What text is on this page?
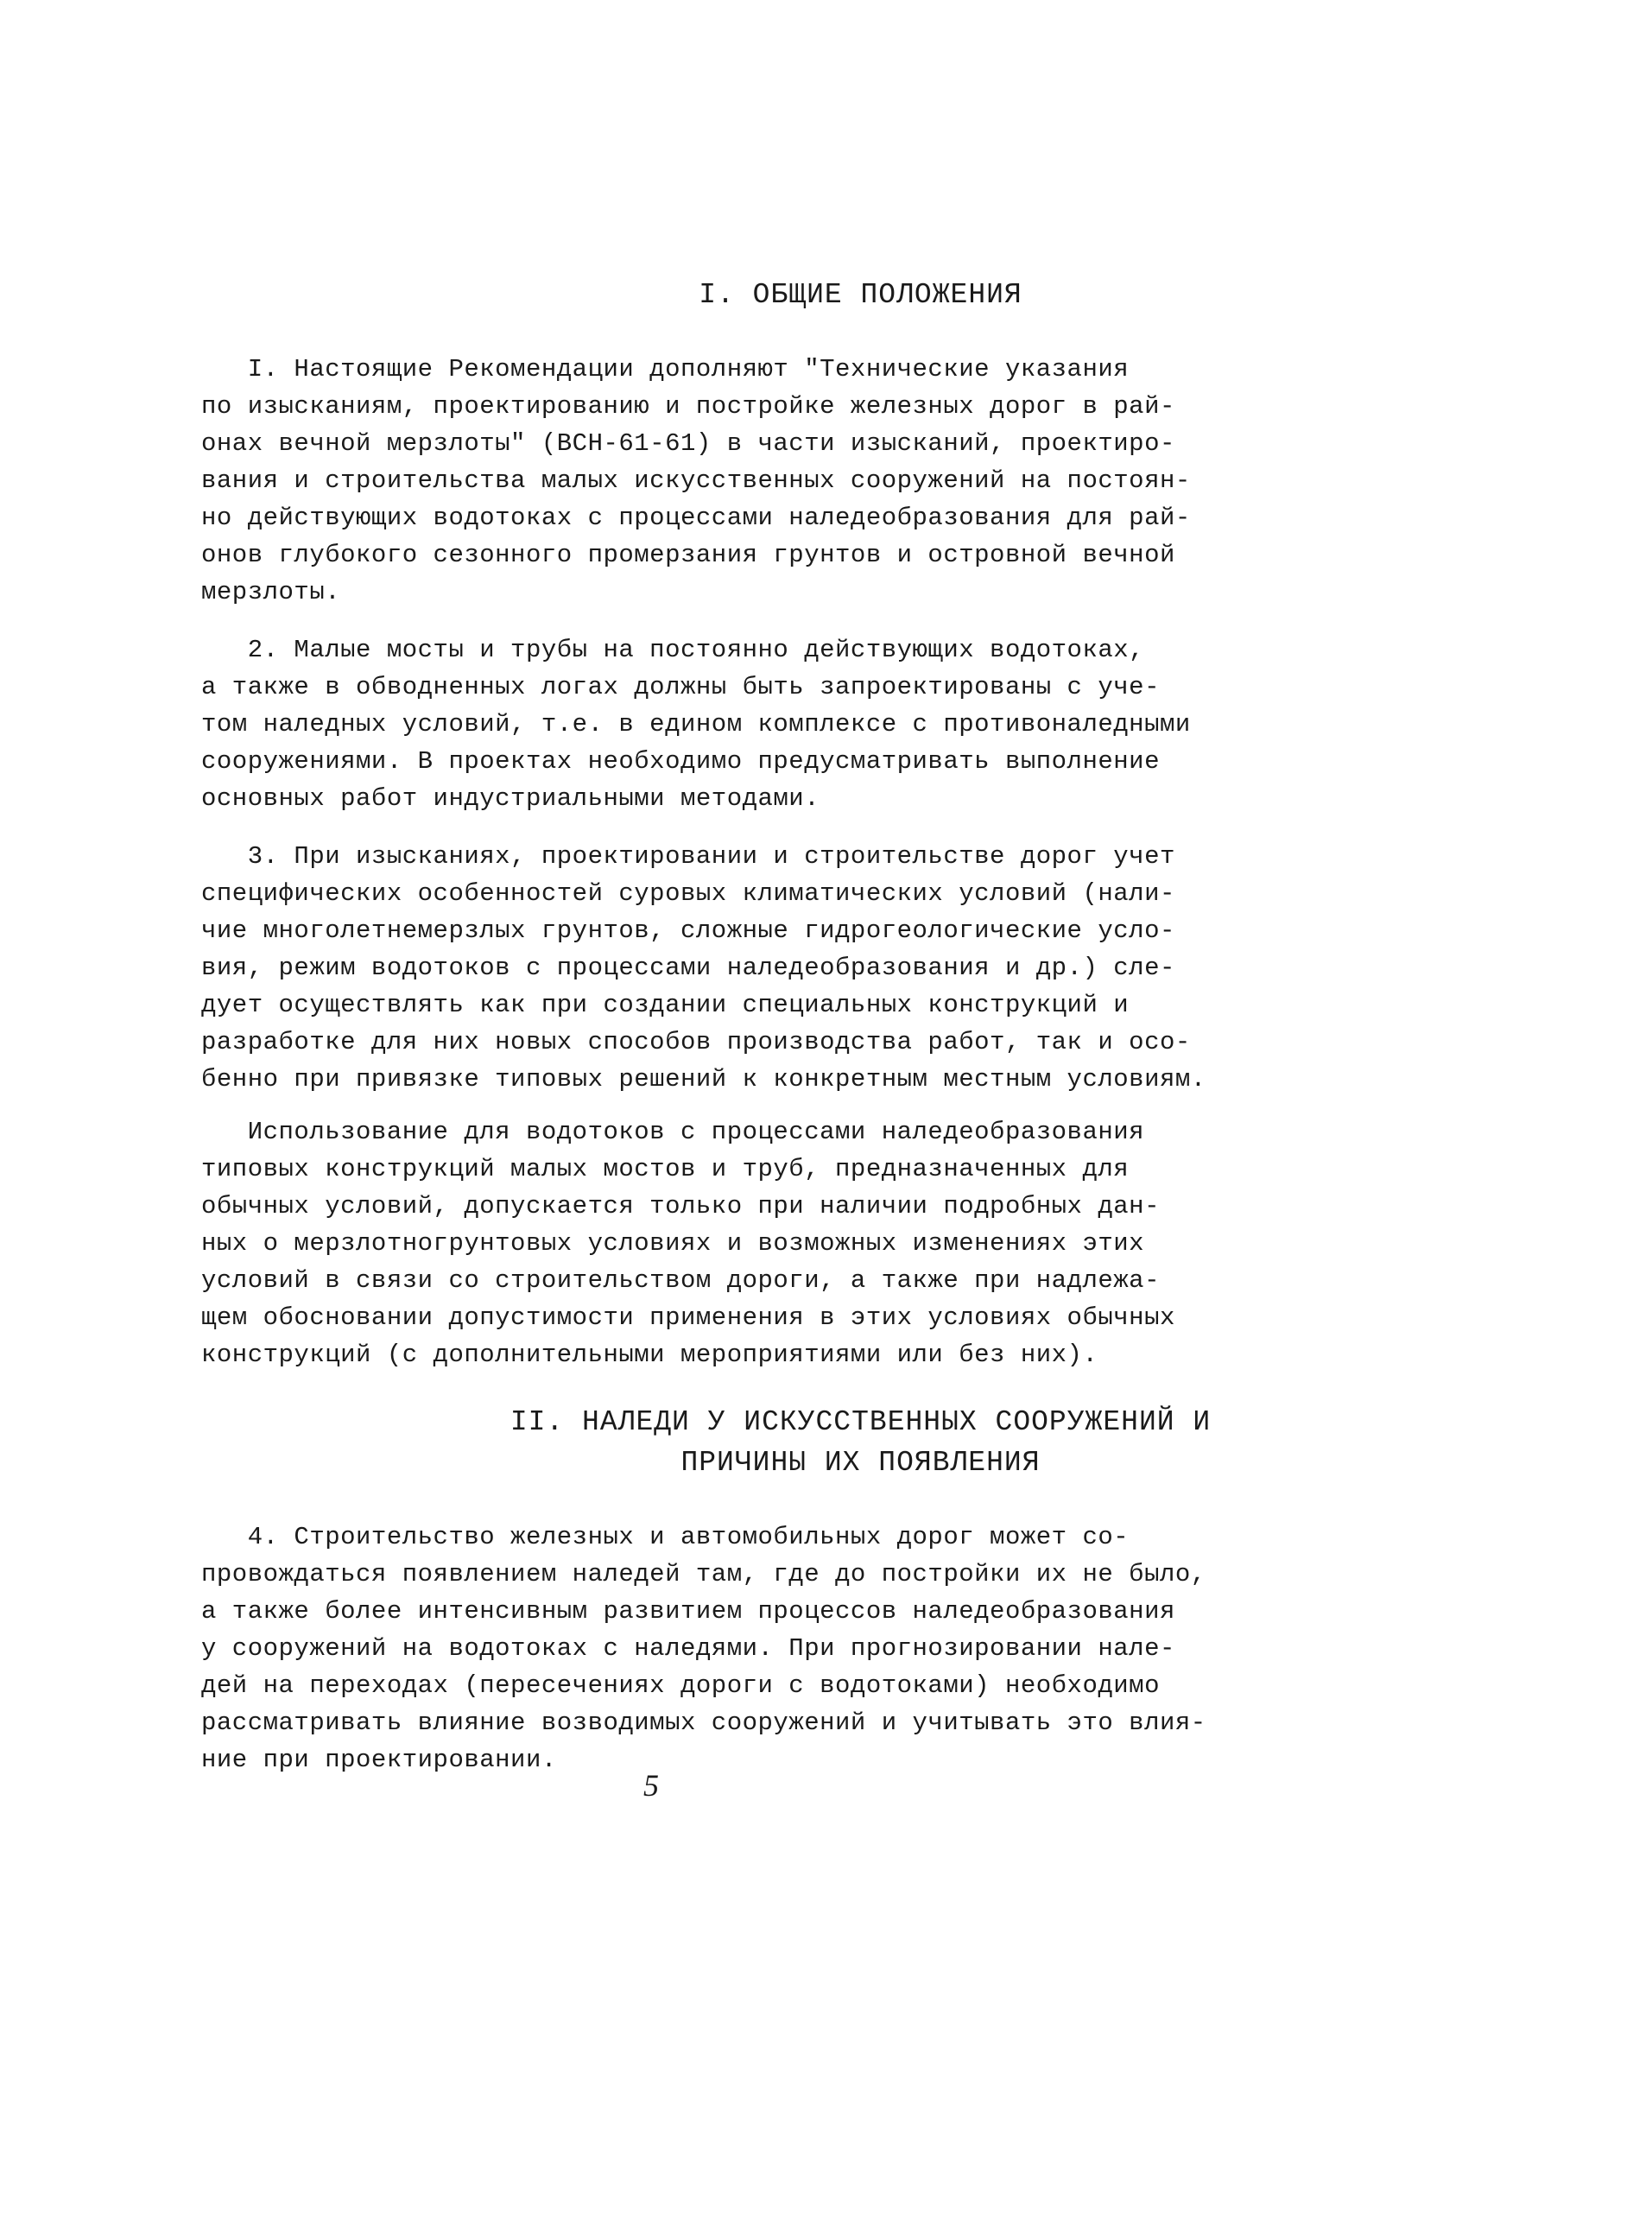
I. ОБЩИЕ ПОЛОЖЕНИЯ
I. Настоящие Рекомендации дополняют "Технические указания
по изысканиям, проектированию и постройке железных дорог в рай-
онах вечной мерзлоты" (ВСН-61-61) в части изысканий, проектиро-
вания и строительства малых искусственных сооружений на постоян-
но действующих водотоках с процессами наледеобразования для рай-
онов глубокого сезонного промерзания грунтов и островной вечной
мерзлоты.
2. Малые мосты и трубы на постоянно действующих водотоках,
а также в обводненных логах должны быть запроектированы с уче-
том наледных условий, т.е. в едином комплексе с противоналедными
сооружениями. В проектах необходимо предусматривать выполнение
основных работ индустриальными методами.
3. При изысканиях, проектировании и строительстве дорог учет
специфических особенностей суровых климатических условий (нали-
чие многолетнемерзлых грунтов, сложные гидрогеологические усло-
вия, режим водотоков с процессами наледеобразования и др.) сле-
дует осуществлять как при создании специальных конструкций и
разработке для них новых способов производства работ, так и осо-
бенно при привязке типовых решений к конкретным местным условиям.
Использование для водотоков с процессами наледеобразования
типовых конструкций малых мостов и труб, предназначенных для
обычных условий, допускается только при наличии подробных дан-
ных о мерзлотногрунтовых условиях и возможных изменениях этих
условий в связи со строительством дороги, а также при надлежа-
щем обосновании допустимости применения в этих условиях обычных
конструкций (с дополнительными мероприятиями или без них).
II. НАЛЕДИ У ИСКУССТВЕННЫХ СООРУЖЕНИЙ И
ПРИЧИНЫ ИХ ПОЯВЛЕНИЯ
4. Строительство железных и автомобильных дорог может со-
провождаться появлением наледей там, где до постройки их не было,
а также более интенсивным развитием процессов наледеобразования
у сооружений на водотоках с наледями. При прогнозировании нале-
дей на переходах (пересечениях дороги с водотоками) необходимо
рассматривать влияние возводимых сооружений и учитывать это влия-
ние при проектировании.
5
